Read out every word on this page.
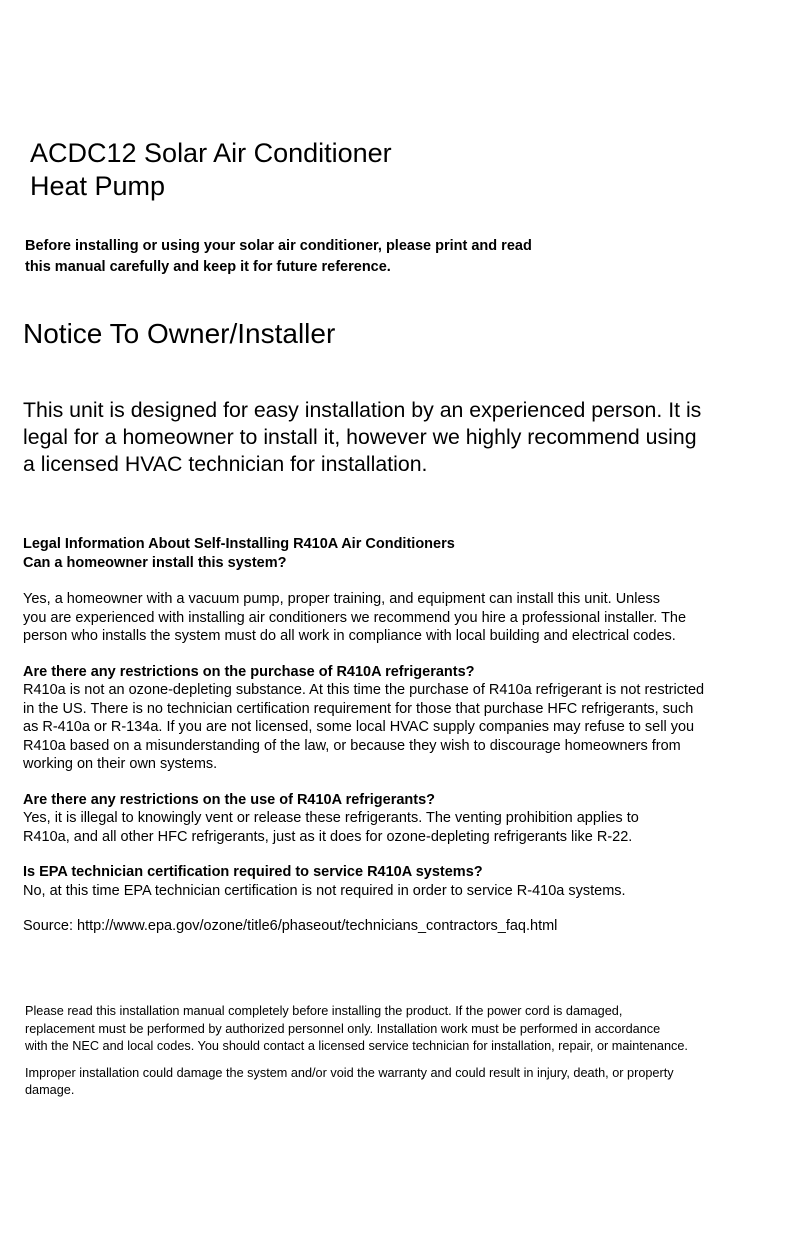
ACDC12 Solar Air Conditioner
Heat Pump

Before installing or using your solar air conditioner, please print and read
this manual carefully and keep it for future reference.

Notice To Owner/Installer

This unit is designed for easy installation by an experienced person. It is
legal for a homeowner to install it, however we highly recommend using
a licensed HVAC technician for installation.

Legal Information About Self-Installing R410A Air Conditioners
Can a homeowner install this system?

Yes, a homeowner with a vacuum pump, proper training, and equipment can install this unit. Unless
you are experienced with installing air conditioners we recommend you hire a professional installer. The
person who installs the system must do all work in compliance with local building and electrical codes.

Are there any restrictions on the purchase of R410A refrigerants?

R410a is not an ozone-depleting substance. At this time the purchase of R410a refrigerant is not restricted
in the US. There is no technician certification requirement for those that purchase HFC refrigerants, such
as R-410a or R-134a. If you are not licensed, some local HVAC supply companies may refuse to sell you
R410a based on a misunderstanding of the law, or because they wish to discourage homeowners from
working on their own systems.

Are there any restrictions on the use of R410A refrigerants?

Yes, it is illegal to knowingly vent or release these refrigerants. The venting prohibition applies to
R410a, and all other HFC refrigerants, just as it does for ozone-depleting refrigerants like R-22.

Is EPA technician certification required to service R410A systems?

No, at this time EPA technician certification is not required in order to service R-410a systems.

Source: http://www.epa.gov/ozone/title6/phaseout/technicians_contractors_faq.html

Please read this installation manual completely before installing the product. If the power cord is damaged,
replacement must be performed by authorized personnel only. Installation work must be performed in accordance
with the NEC and local codes. You should contact a licensed service technician for installation, repair, or maintenance.

Improper installation could damage the system and/or void the warranty and could result in injury, death, or property
damage.
